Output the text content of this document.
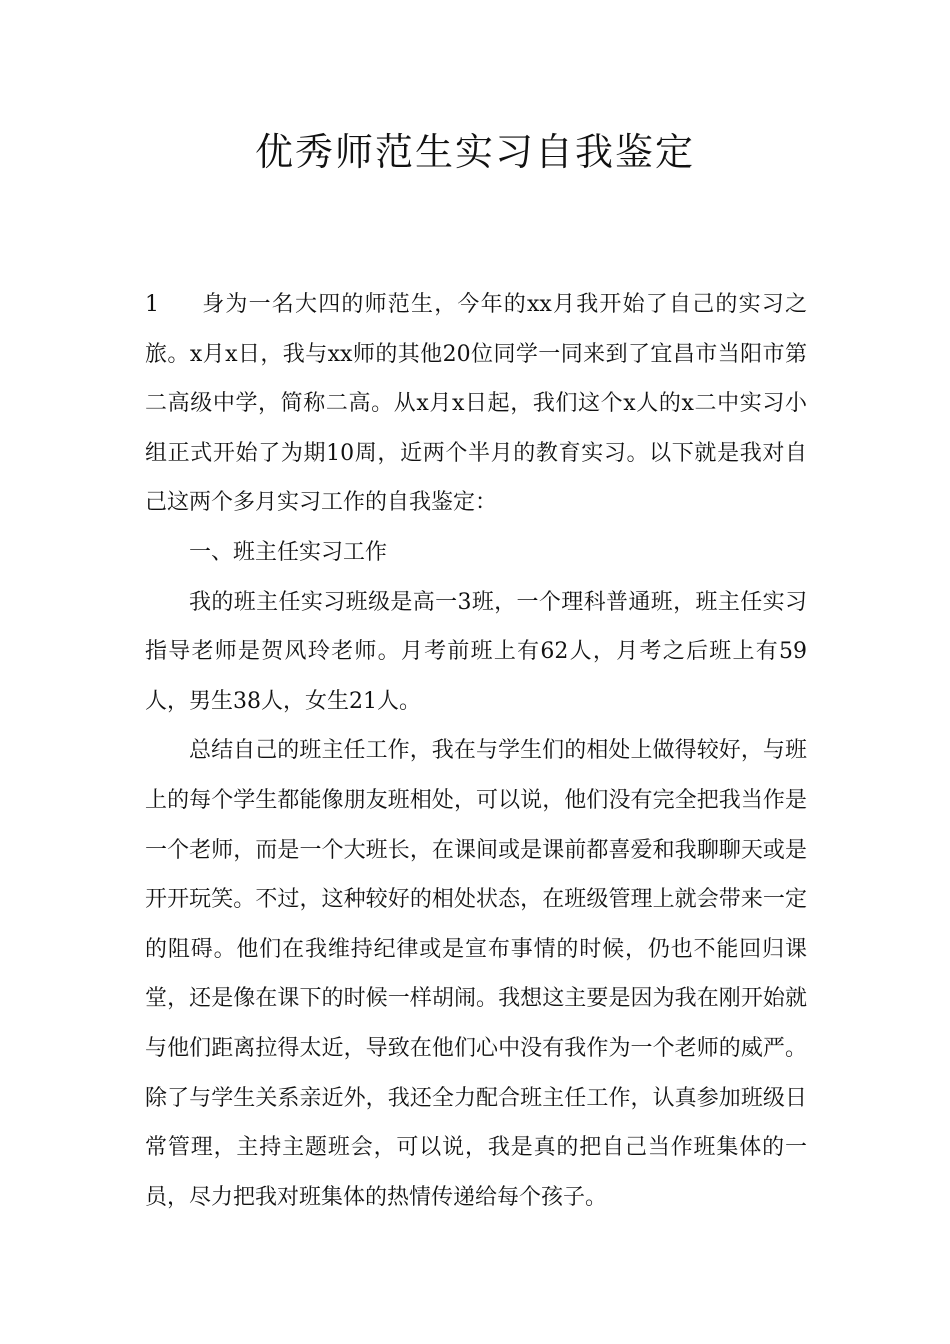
优秀师范生实习自我鉴定

1 身为一名大四的师范生，今年的xx月我开始了自己的实习之旅。x月x日，我与xx师的其他20位同学一同来到了宜昌市当阳市第二高级中学，简称二高。从x月x日起，我们这个x人的x二中实习小组正式开始了为期10周，近两个半月的教育实习。以下就是我对自己这两个多月实习工作的自我鉴定：

一、班主任实习工作

我的班主任实习班级是高一3班，一个理科普通班，班主任实习指导老师是贺风玲老师。月考前班上有62人，月考之后班上有59人，男生38人，女生21人。

总结自己的班主任工作，我在与学生们的相处上做得较好，与班上的每个学生都能像朋友班相处，可以说，他们没有完全把我当作是一个老师，而是一个大班长，在课间或是课前都喜爱和我聊聊天或是开开玩笑。不过，这种较好的相处状态，在班级管理上就会带来一定的阻碍。他们在我维持纪律或是宣布事情的时候，仍也不能回归课堂，还是像在课下的时候一样胡闹。我想这主要是因为我在刚开始就与他们距离拉得太近，导致在他们心中没有我作为一个老师的威严。除了与学生关系亲近外，我还全力配合班主任工作，认真参加班级日常管理，主持主题班会，可以说，我是真的把自己当作班集体的一员，尽力把我对班集体的热情传递给每个孩子。
